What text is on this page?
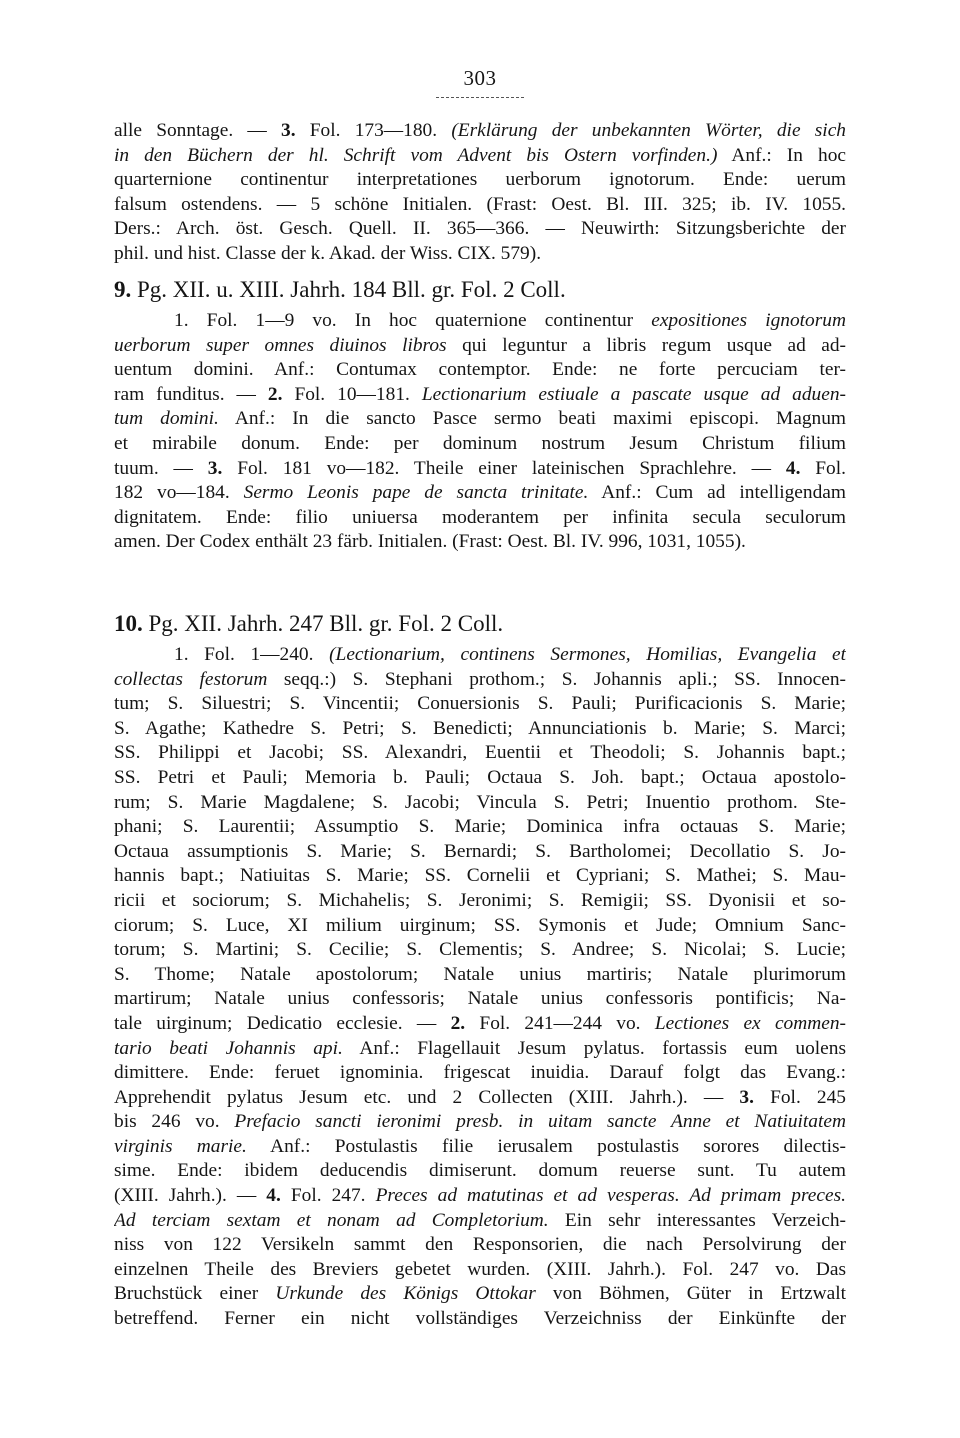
303
alle Sonntage. — 3. Fol. 173—180. (Erklärung der unbekannten Wörter, die sich
in den Büchern der hl. Schrift vom Advent bis Ostern vorfinden.) Anf.: In hoc
quarternione continentur interpretationes uerborum ignotorum. Ende: uerum
falsum ostendens. — 5 schöne Initialen. (Frast: Oest. Bl. III. 325; ib. IV. 1055.
Ders.: Arch. öst. Gesch. Quell. II. 365—366. — Neuwirth: Sitzungsberichte der
phil. und hist. Classe der k. Akad. der Wiss. CIX. 579).
9. Pg. XII. u. XIII. Jahrh. 184 Bll. gr. Fol. 2 Coll.
1. Fol. 1—9 vo. In hoc quaternione continentur expositiones ignotorum
uerborum super omnes diuinos libros qui leguntur a libris regum usque ad ad-
uentum domini. Anf.: Contumax contemptor. Ende: ne forte percuciam ter-
ram funditus. — 2. Fol. 10—181. Lectionarium estiuale a pascate usque ad aduen-
tum domini. Anf.: In die sancto Pasce sermo beati maximi episcopi. Magnum
et mirabile donum. Ende: per dominum nostrum Jesum Christum filium
tuum. — 3. Fol. 181 vo—182. Theile einer lateinischen Sprachlehre. — 4. Fol.
182 vo—184. Sermo Leonis pape de sancta trinitate. Anf.: Cum ad intelligendam
dignitatem. Ende: filio uniuersa moderantem per infinita secula seculorum
amen. Der Codex enthält 23 färb. Initialen. (Frast: Oest. Bl. IV. 996, 1031, 1055).
10. Pg. XII. Jahrh. 247 Bll. gr. Fol. 2 Coll.
1. Fol. 1—240. (Lectionarium, continens Sermones, Homilias, Evangelia et
collectas festorum seqq.:) S. Stephani prothom.; S. Johannis apli.; SS. Innocen-
tum; S. Siluestri; S. Vincentii; Conuersionis S. Pauli; Purificacionis S. Marie;
S. Agathe; Kathedre S. Petri; S. Benedicti; Annunciationis b. Marie; S. Marci;
SS. Philippi et Jacobi; SS. Alexandri, Euentii et Theodoli; S. Johannis bapt.;
SS. Petri et Pauli; Memoria b. Pauli; Octaua S. Joh. bapt.; Octaua apostolo-
rum; S. Marie Magdalene; S. Jacobi; Vincula S. Petri; Inuentio prothom. Ste-
phani; S. Laurentii; Assumptio S. Marie; Dominica infra octauas S. Marie;
Octaua assumptionis S. Marie; S. Bernardi; S. Bartholomei; Decollatio S. Jo-
hannis bapt.; Natiuitas S. Marie; SS. Cornelii et Cypriani; S. Mathei; S. Mau-
ricii et sociorum; S. Michahelis; S. Jeronimi; S. Remigii; SS. Dyonisii et so-
ciorum; S. Luce, XI milium uirginum; SS. Symonis et Jude; Omnium Sanc-
torum; S. Martini; S. Cecilie; S. Clementis; S. Andree; S. Nicolai; S. Lucie;
S. Thome; Natale apostolorum; Natale unius martiris; Natale plurimorum
martirum; Natale unius confessoris; Natale unius confessoris pontificis; Na-
tale uirginum; Dedicatio ecclesie. — 2. Fol. 241—244 vo. Lectiones ex commen-
tario beati Johannis api. Anf.: Flagellauit Jesum pylatus. fortassis eum uolens
dimittere. Ende: feruet ignominia. frigescat inuidia. Darauf folgt das Evang.:
Apprehendit pylatus Jesum etc. und 2 Collecten (XIII. Jahrh.). — 3. Fol. 245
bis 246 vo. Prefacio sancti ieronimi presb. in uitam sancte Anne et Natiuitatem
virginis marie. Anf.: Postulastis filie ierusalem postulastis sorores dilectis-
sime. Ende: ibidem deducendis dimiserunt. domum reuerse sunt. Tu autem
(XIII. Jahrh.). — 4. Fol. 247. Preces ad matutinas et ad vesperas. Ad primam preces.
Ad terciam sextam et nonam ad Completorium. Ein sehr interessantes Verzeich-
niss von 122 Versikeln sammt den Responsorien, die nach Persolvirung der
einzelnen Theile des Breviers gebetet wurden. (XIII. Jahrh.). Fol. 247 vo. Das
Bruchstück einer Urkunde des Königs Ottokar von Böhmen, Güter in Ertzwalt
betreffend. Ferner ein nicht vollständiges Verzeichniss der Einkünfte der
